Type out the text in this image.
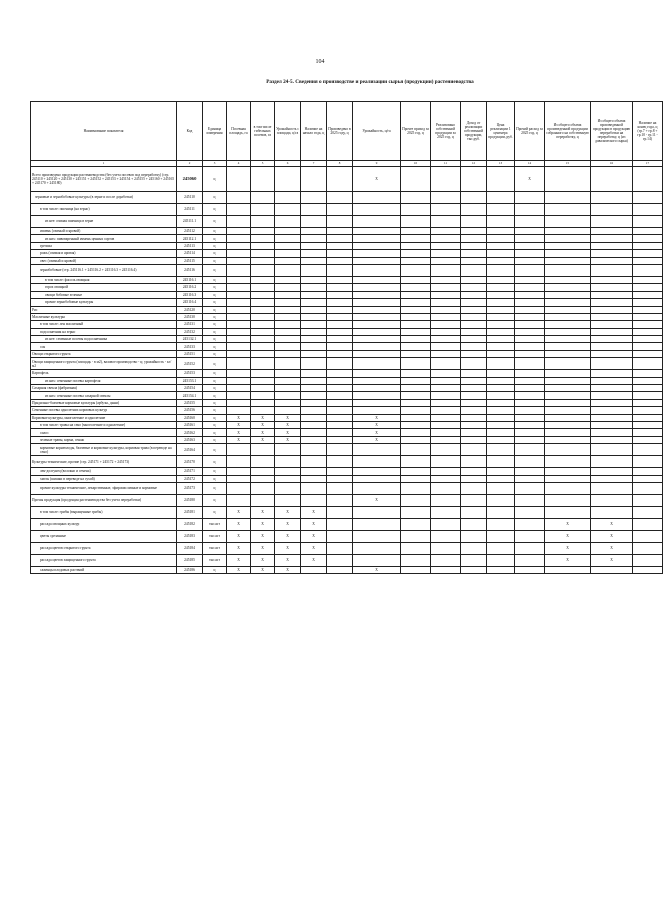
104
Раздел 24-5. Сведения о производстве и реализации сырья (продукции) растениеводства
Наименование показателя	Код	Единица измерения	Посевная площадь, га	в том числе гибельных посевов, га	Урожайность с площади, ц/га	Наличие на начало года, ц	Произведено в 2025 году, ц	Урожайность, ц/га	Прочее приход за 2025 год, ц	Реализовано собственной продукции за 2025 год, ц	Доход от реализации собственной продукции, тыс.руб.	Цена реализации 1 центнера продукции, руб.	Прочий расход за 2025 год, ц	Из общего объема произведенной продукции собранного на собственную переработку, ц	Из общего объема произведенной продукции в продукцию переработки на переработку, ц (из давальческого сырья)	Наличие на конец года, ц (гр.7 + гр.8 + гр.10 - гр.11 - гр.14)
1	2	3	4	5	6	7	8	9	10	11	12	13	14	15	16	17
Всего произведено продукции растениеводства (без учета посевов под переработку) (стр. 245110 + 245120 + 245130 + 245151 + 245152 + 245153 + 245154 + 245155 + 245160 + 245165 + 245170 + 245180)	245060	ц						X					X			
зерновые и зернобобовые культуры (в зерне и после доработки)	245110	ц														
в том числе: пшеница (на зерно)	245111	ц														
из нее: озимая пшеница в зерне	245111.1	ц														
ячмень (озимый и яровой)	245112	ц														
из них: пивоваренный ячмень ценных сортов	245112.1	ц														
гречиха	245113	ц														
рожь (озимая и яровая)	245114	ц														
овес (озимый и яровой)	245115	ц														
зернобобовые (стр. 245116.1 + 245116.2 + 245116.3 + 245116.4)	245116	ц														
в том числе: фасоль овощная	245116.1	ц														
горох овощной	245116.2	ц														
овощи бобовые зеленые	245116.3	ц														
прочие зернобобовые культуры	245116.4	ц														
Рис	245120	ц														
Масличные культуры	245130	ц														
в том числе: лен масличный	245131	ц														
подсолнечник на зерно	245132	ц														
из нее: семенные посевы подсолнечника	245132.1	ц														
соя	245133	ц														
Овощи открытого грунта	245151	ц														
Овощи защищенного грунта (площадь - в м2), валовое производство - ц; урожайность - кг/м2	245152	ц														
Картофель	245153	ц														
из них: семенные посевы картофеля	245153.1	ц														
Сахарная свекла (фабричная)	245154	ц														
из них: семенные посевы сахарной свеклы	245154.1	ц														
Прядильно-бахчевые кормовые культуры (арбузы, дыни)	245155	ц														
Семенные посевы однолетних кормовых культур	245156	ц														
Кормовые культуры, многолетние и однолетние	245160	ц	X	X	X			X								
в том числе: травы на сено (многолетние и однолетние)	245161	ц	X	X	X			X								
силос	245162	ц	X	X	X			X								
зеленые травы, корма, сенаж	245163	ц	X	X	X			X								
кормовые корнеплоды, бахчевые и кормовые культуры, кормовая трава (в переводе на сено)	245164	ц														
Культуры технические, прочие (стр. 245171 + 245172 + 245173)	245170	ц														
лен-долгунец (волокно и семена)	245171	ц														
хмель (шишки в переводе на сухой)	245172	ц														
прочие культуры технические, лекарственные, эфиромасличные и кормовые	245173	ц														
Прочая продукция (продукция растениеводства без учета переработки)	245180	ц						X								
в том числе: грибы (выращенные грибы)	245181	ц	X	X	X	X										
рассада овощных культур	245182	тыс.шт	X	X	X	X								X	X	
цветы срезанные	245183	тыс.шт	X	X	X	X								X	X	
рассада цветов открытого грунта	245184	тыс.шт	X	X	X	X								X	X	
рассада цветов защищенного грунта	245185	тыс.шт	X	X	X	X								X	X	
саженцы плодовых растений	245186	ц	X	X	X			X								
